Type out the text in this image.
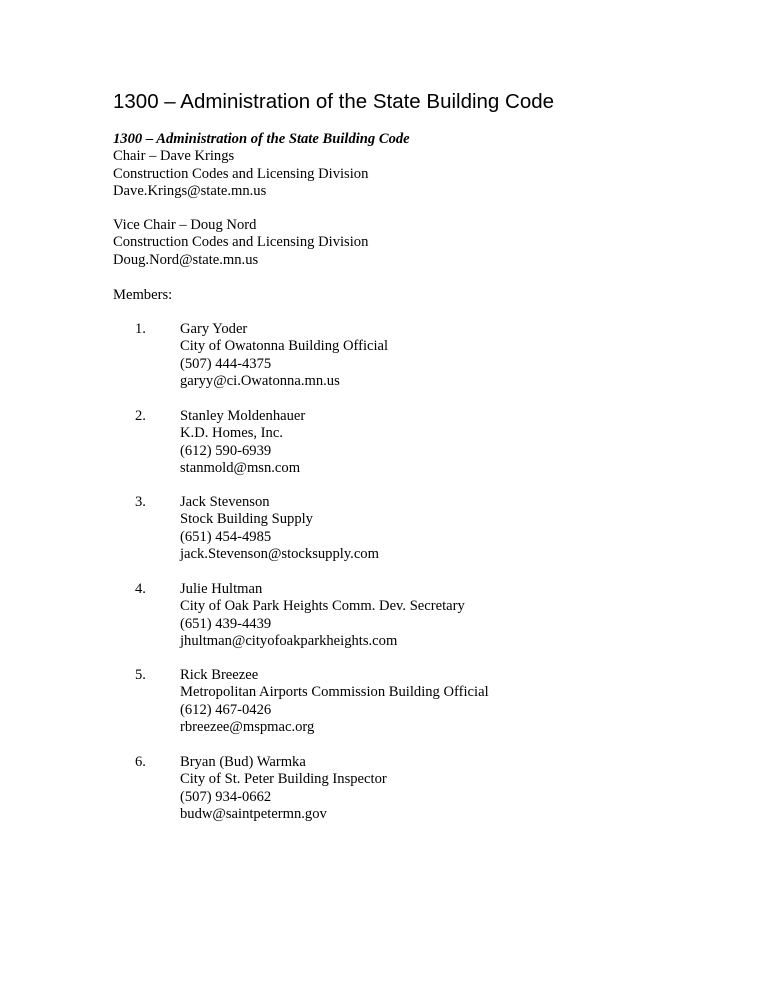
1300 – Administration of the State Building Code
1300 – Administration of the State Building Code
Chair – Dave Krings
Construction Codes and Licensing Division
Dave.Krings@state.mn.us
Vice Chair – Doug Nord
Construction Codes and Licensing Division
Doug.Nord@state.mn.us
Members:
1. Gary Yoder
City of Owatonna Building Official
(507) 444-4375
garyy@ci.Owatonna.mn.us
2. Stanley Moldenhauer
K.D. Homes, Inc.
(612) 590-6939
stanmold@msn.com
3. Jack Stevenson
Stock Building Supply
(651) 454-4985
jack.Stevenson@stocksupply.com
4. Julie Hultman
City of Oak Park Heights Comm. Dev. Secretary
(651) 439-4439
jhultman@cityofoakparkheights.com
5. Rick Breezee
Metropolitan Airports Commission Building Official
(612) 467-0426
rbreezee@mspmac.org
6. Bryan (Bud) Warmka
City of St. Peter Building Inspector
(507) 934-0662
budw@saintpetermn.gov
